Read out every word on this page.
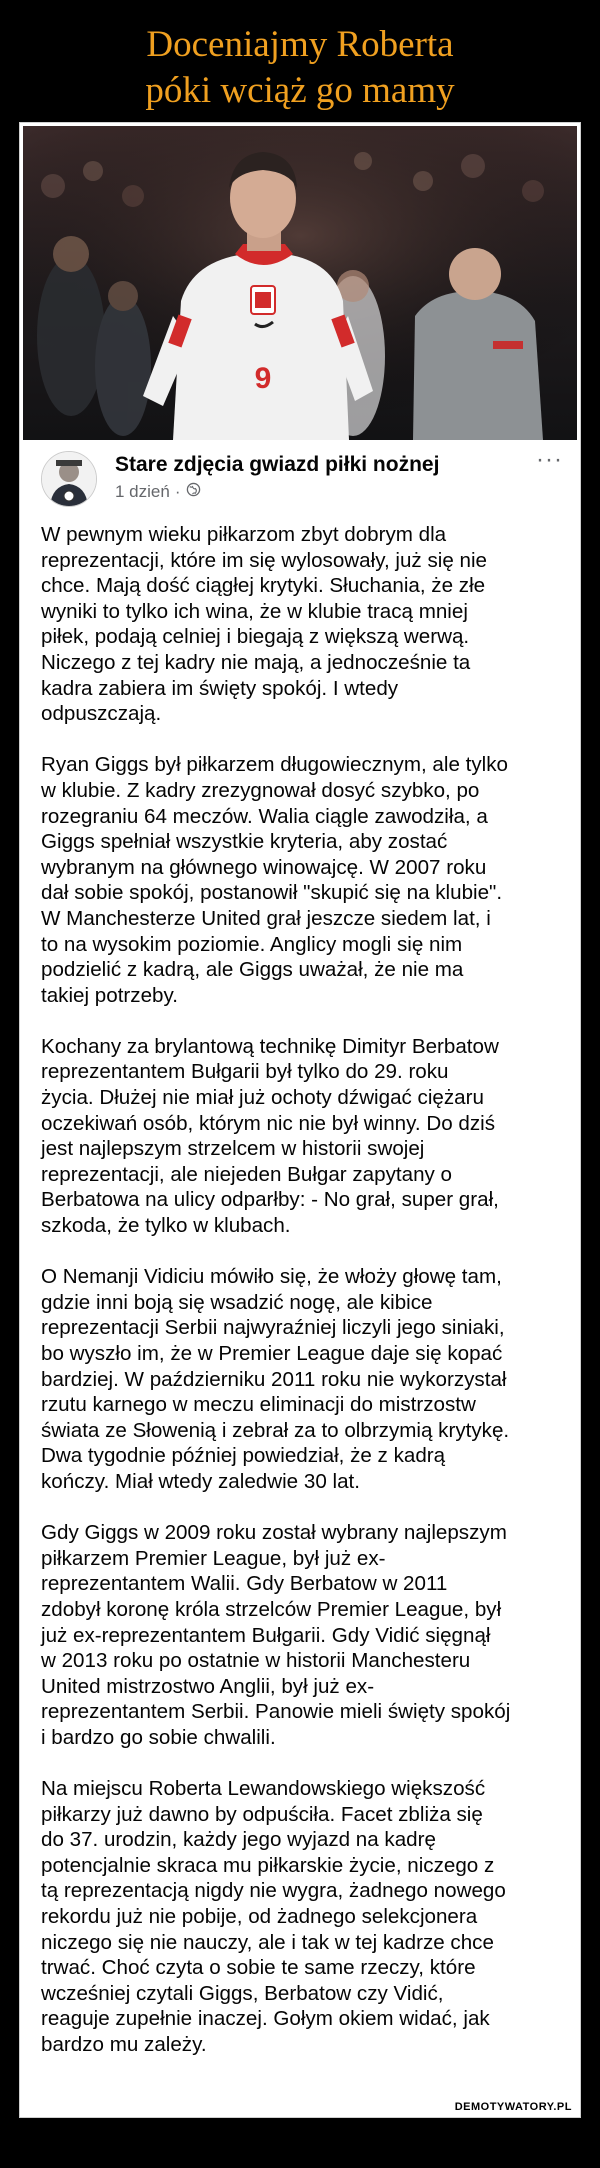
Doceniajmy Roberta
póki wciąż go mamy
9
Stare zdjęcia gwiazd piłki nożnej
1 dzień ·
···
W pewnym wieku piłkarzom zbyt dobrym dla
reprezentacji, które im się wylosowały, już się nie
chce. Mają dość ciągłej krytyki. Słuchania, że złe
wyniki to tylko ich wina, że w klubie tracą mniej
piłek, podają celniej i biegają z większą werwą.
Niczego z tej kadry nie mają, a jednocześnie ta
kadra zabiera im święty spokój. I wtedy
odpuszczają.
Ryan Giggs był piłkarzem długowiecznym, ale tylko
w klubie. Z kadry zrezygnował dosyć szybko, po
rozegraniu 64 meczów. Walia ciągle zawodziła, a
Giggs spełniał wszystkie kryteria, aby zostać
wybranym na głównego winowajcę. W 2007 roku
dał sobie spokój, postanowił "skupić się na klubie".
W Manchesterze United grał jeszcze siedem lat, i
to na wysokim poziomie. Anglicy mogli się nim
podzielić z kadrą, ale Giggs uważał, że nie ma
takiej potrzeby.
Kochany za brylantową technikę Dimityr Berbatow
reprezentantem Bułgarii był tylko do 29. roku
życia. Dłużej nie miał już ochoty dźwigać ciężaru
oczekiwań osób, którym nic nie był winny. Do dziś
jest najlepszym strzelcem w historii swojej
reprezentacji, ale niejeden Bułgar zapytany o
Berbatowa na ulicy odparłby: - No grał, super grał,
szkoda, że tylko w klubach.
O Nemanji Vidiciu mówiło się, że włoży głowę tam,
gdzie inni boją się wsadzić nogę, ale kibice
reprezentacji Serbii najwyraźniej liczyli jego siniaki,
bo wyszło im, że w Premier League daje się kopać
bardziej. W październiku 2011 roku nie wykorzystał
rzutu karnego w meczu eliminacji do mistrzostw
świata ze Słowenią i zebrał za to olbrzymią krytykę.
Dwa tygodnie później powiedział, że z kadrą
kończy. Miał wtedy zaledwie 30 lat.
Gdy Giggs w 2009 roku został wybrany najlepszym
piłkarzem Premier League, był już ex-
reprezentantem Walii. Gdy Berbatow w 2011
zdobył koronę króla strzelców Premier League, był
już ex-reprezentantem Bułgarii. Gdy Vidić sięgnął
w 2013 roku po ostatnie w historii Manchesteru
United mistrzostwo Anglii, był już ex-
reprezentantem Serbii. Panowie mieli święty spokój
i bardzo go sobie chwalili.
Na miejscu Roberta Lewandowskiego większość
piłkarzy już dawno by odpuściła. Facet zbliża się
do 37. urodzin, każdy jego wyjazd na kadrę
potencjalnie skraca mu piłkarskie życie, niczego z
tą reprezentacją nigdy nie wygra, żadnego nowego
rekordu już nie pobije, od żadnego selekcjonera
niczego się nie nauczy, ale i tak w tej kadrze chce
trwać. Choć czyta o sobie te same rzeczy, które
wcześniej czytali Giggs, Berbatow czy Vidić,
reaguje zupełnie inaczej. Gołym okiem widać, jak
bardzo mu zależy.
DEMOTYWATORY.PL
